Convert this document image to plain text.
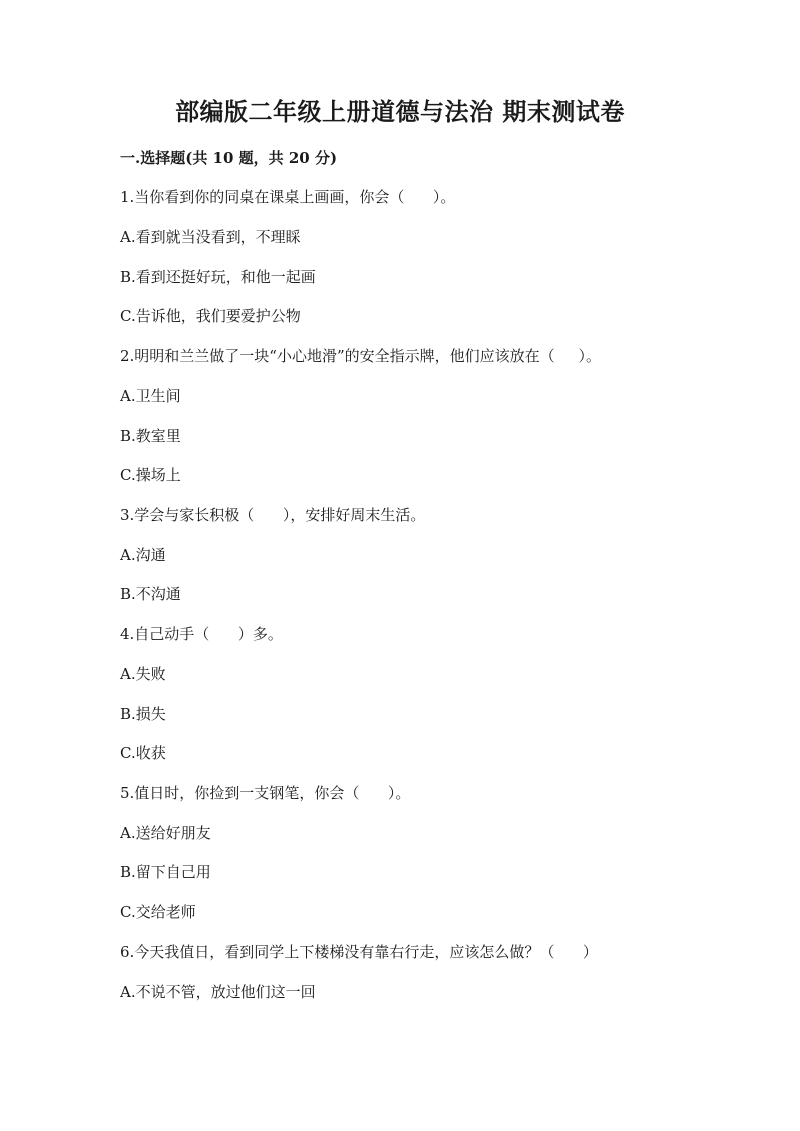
部编版二年级上册道德与法治 期末测试卷
一.选择题(共 10 题，共 20 分)
1.当你看到你的同桌在课桌上画画，你会（      ）。
A.看到就当没看到，不理睬
B.看到还挺好玩，和他一起画
C.告诉他，我们要爱护公物
2.明明和兰兰做了一块“小心地滑”的安全指示牌，他们应该放在（     ）。
A.卫生间
B.教室里
C.操场上
3.学会与家长积极（      ），安排好周末生活。
A.沟通
B.不沟通
4.自己动手（      ）多。
A.失败
B.损失
C.收获
5.值日时，你捡到一支钢笔，你会（      ）。
A.送给好朋友
B.留下自己用
C.交给老师
6.今天我值日，看到同学上下楼梯没有靠右行走，应该怎么做？（      ）
A.不说不管，放过他们这一回
